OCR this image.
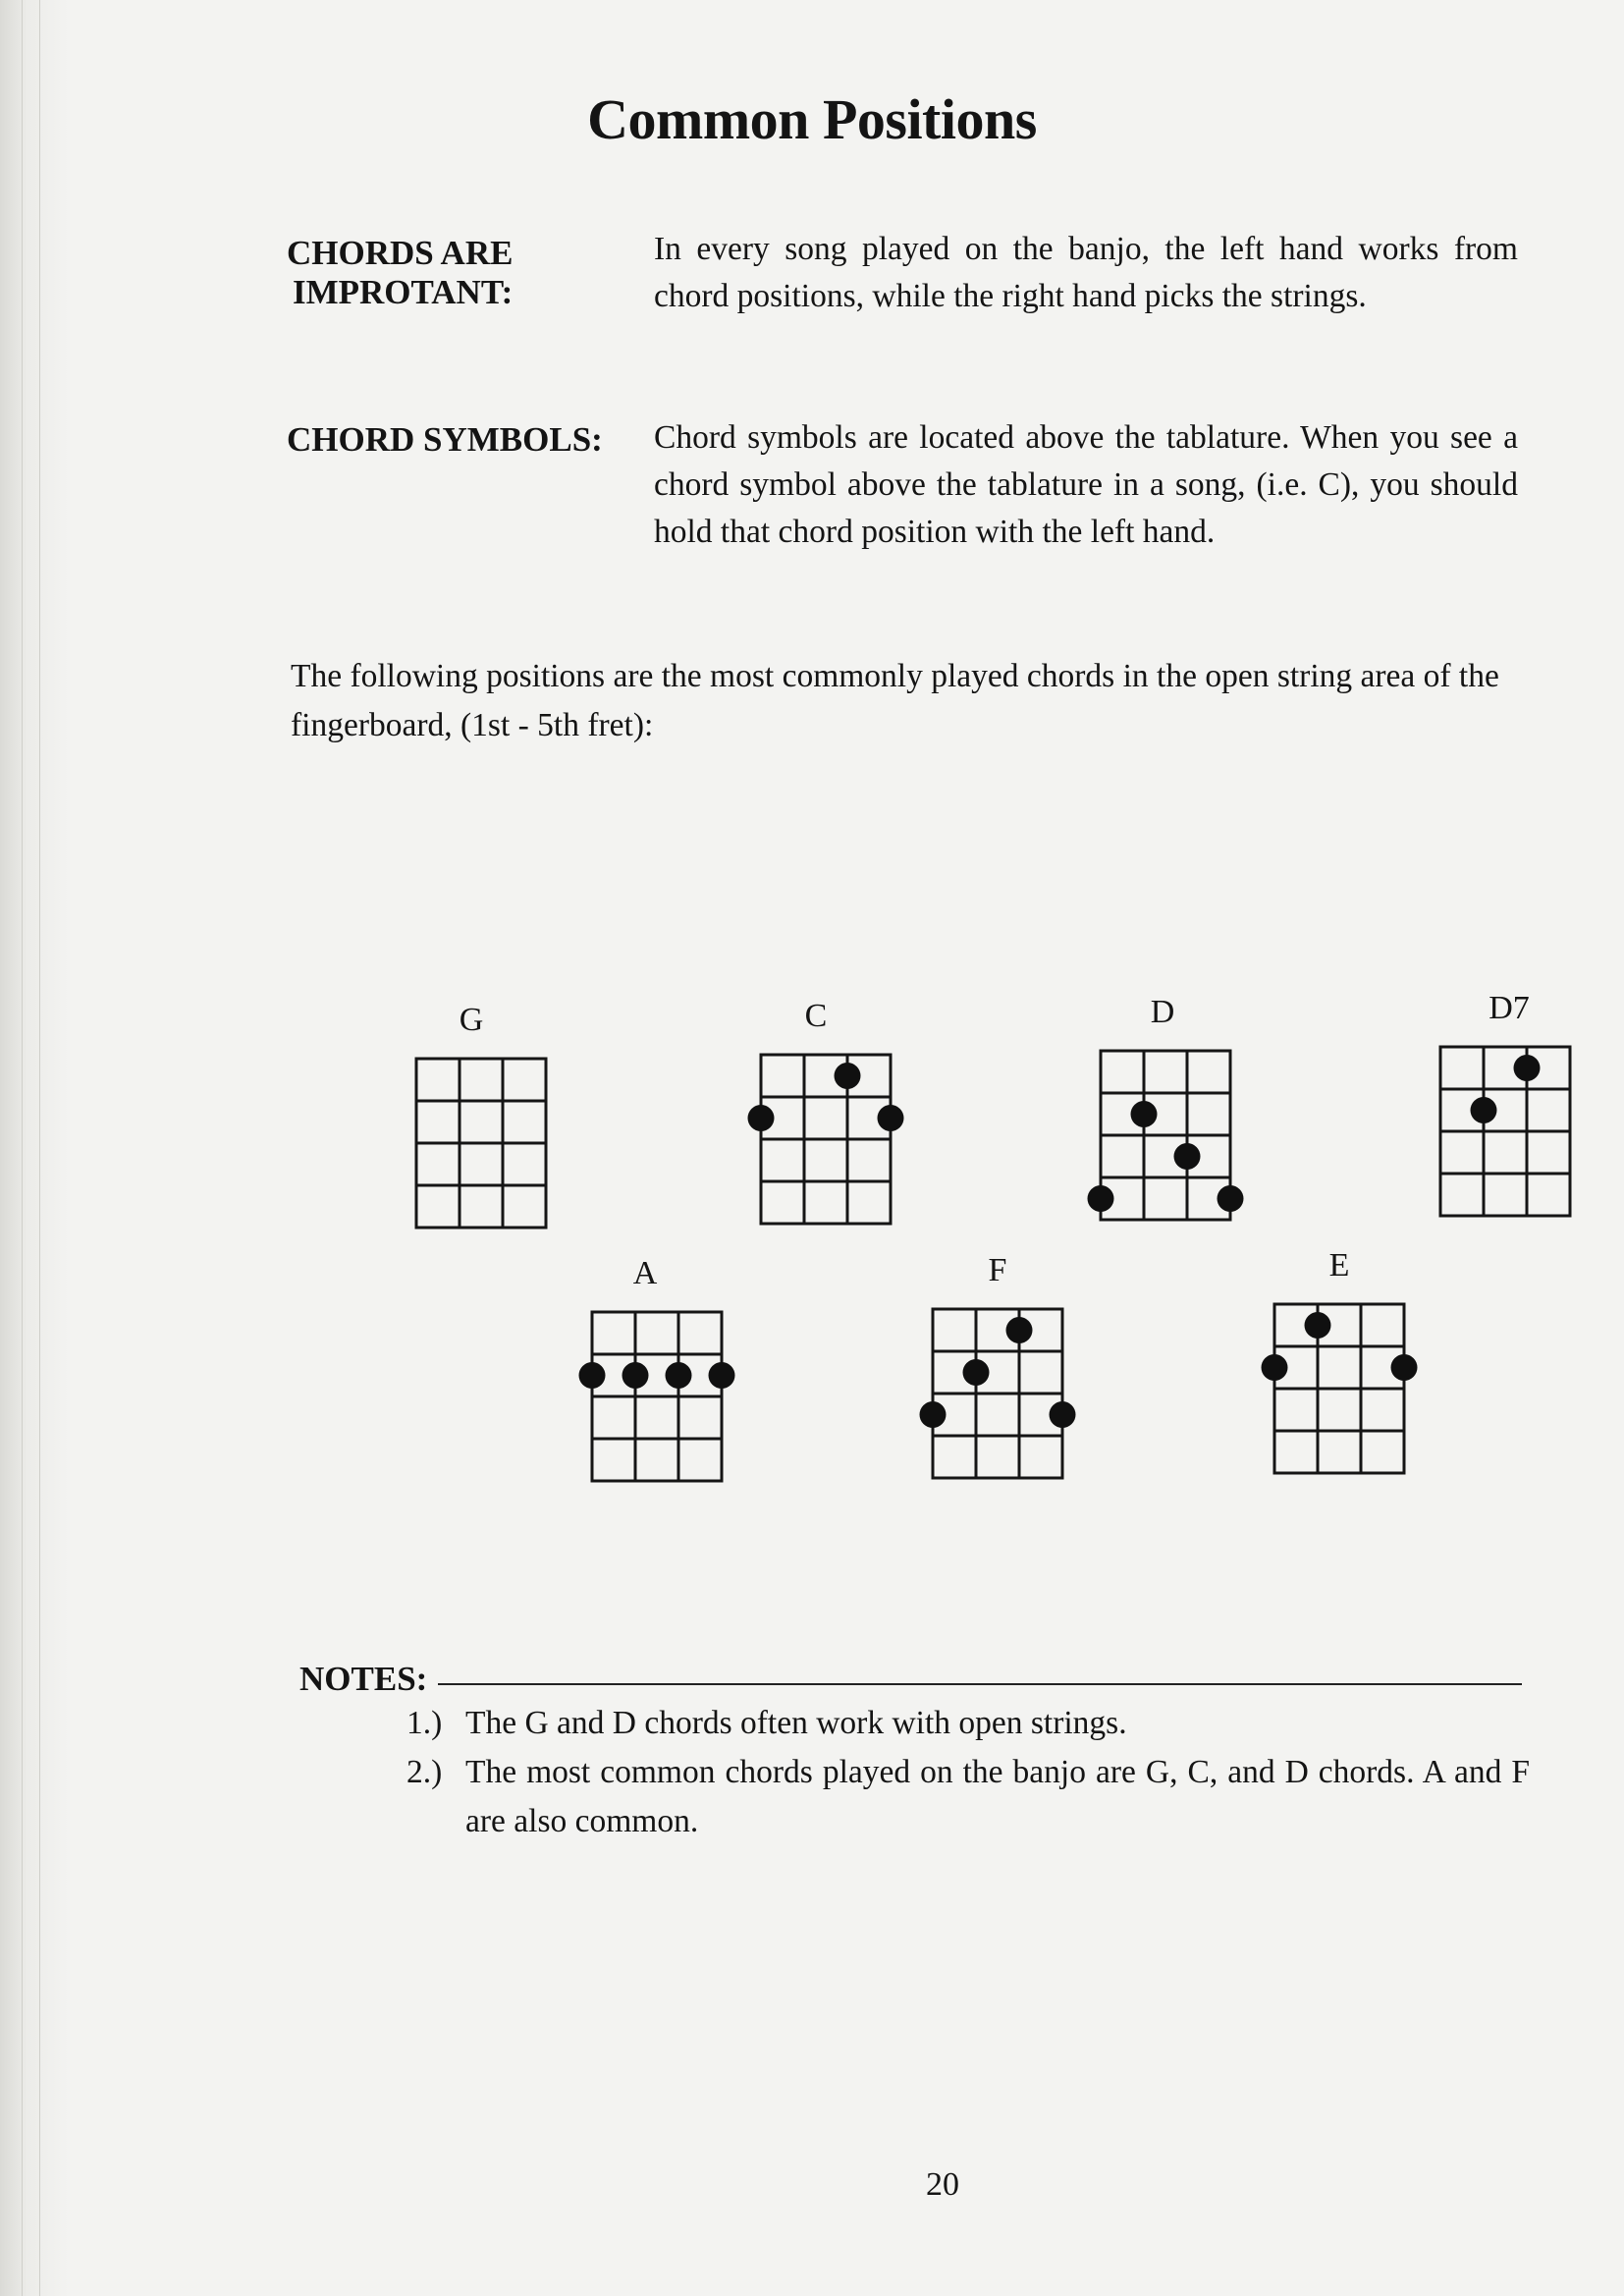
Common Positions
CHORDS ARE
IMPROTANT:
In every song played on the banjo, the left hand works from chord positions, while the right hand picks the strings.
CHORD SYMBOLS: Chord symbols are located above the tablature. When you see a chord symbol above the tablature in a song, (i.e. C), you should hold that chord position with the left hand.
The following positions are the most commonly played chords in the open string area of the fingerboard, (1st - 5th fret):
G	C	D	D7
A	F	E
NOTES:
1.) The G and D chords often work with open strings.
2.) The most common chords played on the banjo are G, C, and D chords. A and F are also common.
20
